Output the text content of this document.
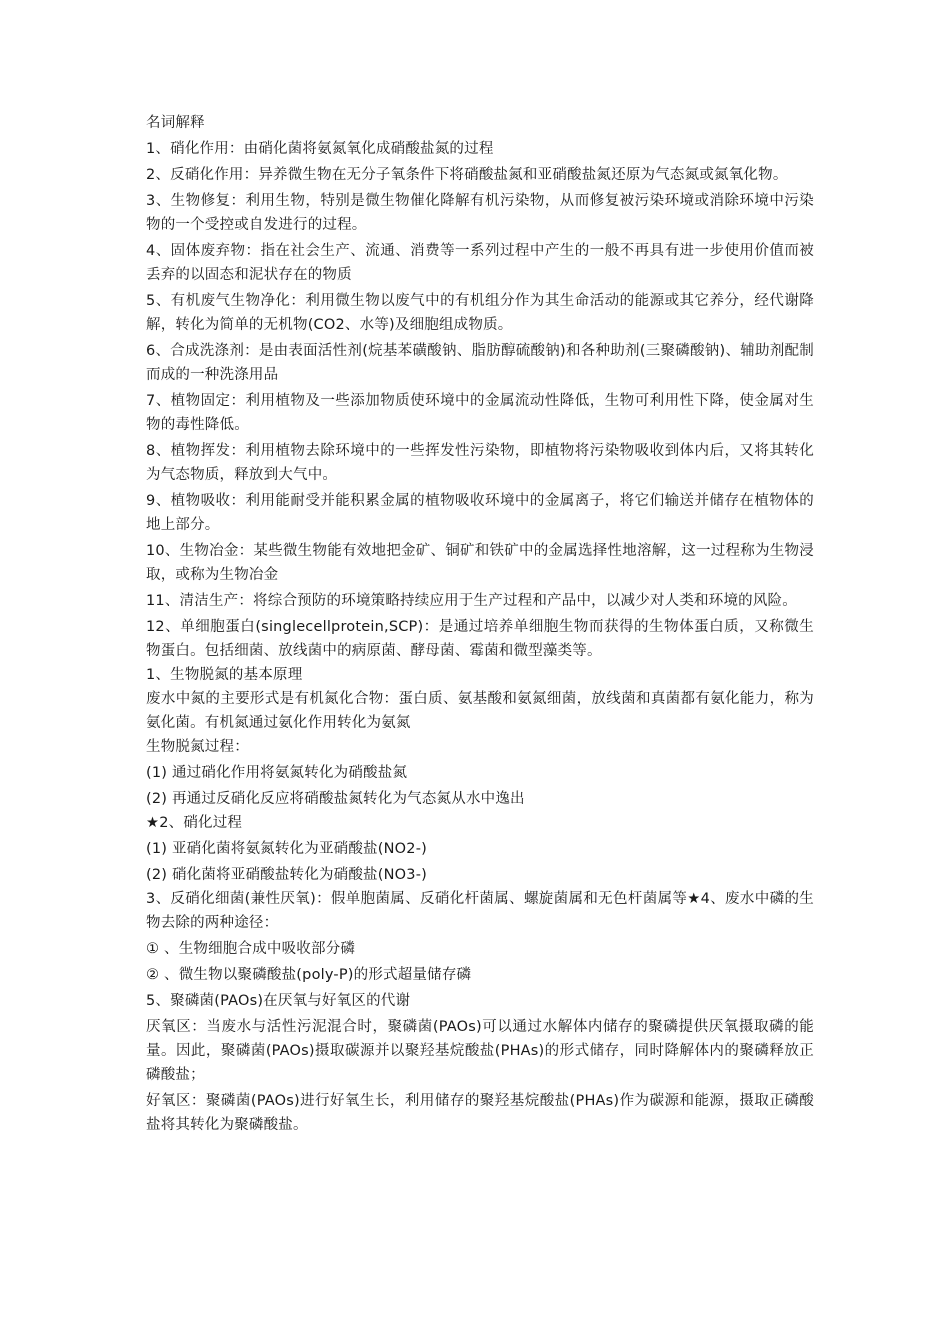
名词解释

1、硝化作用：由硝化菌将氨氮氧化成硝酸盐氮的过程

2、反硝化作用：异养微生物在无分子氧条件下将硝酸盐氮和亚硝酸盐氮还原为气态氮或氮氧化物。

3、生物修复：利用生物，特别是微生物催化降解有机污染物，从而修复被污染环境或消除环境中污染物的一个受控或自发进行的过程。

4、固体废弃物：指在社会生产、流通、消费等一系列过程中产生的一般不再具有进一步使用价值而被丢弃的以固态和泥状存在的物质

5、有机废气生物净化：利用微生物以废气中的有机组分作为其生命活动的能源或其它养分，经代谢降解，转化为简单的无机物(CO2、水等)及细胞组成物质。

6、合成洗涤剂：是由表面活性剂(烷基苯磺酸钠、脂肪醇硫酸钠)和各种助剂(三聚磷酸钠)、辅助剂配制而成的一种洗涤用品

7、植物固定：利用植物及一些添加物质使环境中的金属流动性降低，生物可利用性下降，使金属对生物的毒性降低。

8、植物挥发：利用植物去除环境中的一些挥发性污染物，即植物将污染物吸收到体内后，又将其转化为气态物质，释放到大气中。

9、植物吸收：利用能耐受并能积累金属的植物吸收环境中的金属离子，将它们输送并储存在植物体的地上部分。

10、生物冶金：某些微生物能有效地把金矿、铜矿和铁矿中的金属选择性地溶解，这一过程称为生物浸取，或称为生物冶金

11、清洁生产：将综合预防的环境策略持续应用于生产过程和产品中，以减少对人类和环境的风险。

12、单细胞蛋白(singlecellprotein,SCP)：是通过培养单细胞生物而获得的生物体蛋白质，又称微生物蛋白。包括细菌、放线菌中的病原菌、酵母菌、霉菌和微型藻类等。

1、生物脱氮的基本原理

废水中氮的主要形式是有机氮化合物：蛋白质、氨基酸和氨氮细菌，放线菌和真菌都有氨化能力，称为氨化菌。有机氮通过氨化作用转化为氨氮

生物脱氮过程：

(1) 通过硝化作用将氨氮转化为硝酸盐氮

(2) 再通过反硝化反应将硝酸盐氮转化为气态氮从水中逸出

★2、硝化过程

(1) 亚硝化菌将氨氮转化为亚硝酸盐(NO2-)

(2) 硝化菌将亚硝酸盐转化为硝酸盐(NO3-)

3、反硝化细菌(兼性厌氧)：假单胞菌属、反硝化杆菌属、螺旋菌属和无色杆菌属等★4、废水中磷的生物去除的两种途径：

① 、生物细胞合成中吸收部分磷

② 、微生物以聚磷酸盐(poly-P)的形式超量储存磷

5、聚磷菌(PAOs)在厌氧与好氧区的代谢

厌氧区：当废水与活性污泥混合时，聚磷菌(PAOs)可以通过水解体内储存的聚磷提供厌氧摄取磷的能量。因此，聚磷菌(PAOs)摄取碳源并以聚羟基烷酸盐(PHAs)的形式储存，同时降解体内的聚磷释放正磷酸盐；

好氧区：聚磷菌(PAOs)进行好氧生长，利用储存的聚羟基烷酸盐(PHAs)作为碳源和能源，摄取正磷酸盐将其转化为聚磷酸盐。
